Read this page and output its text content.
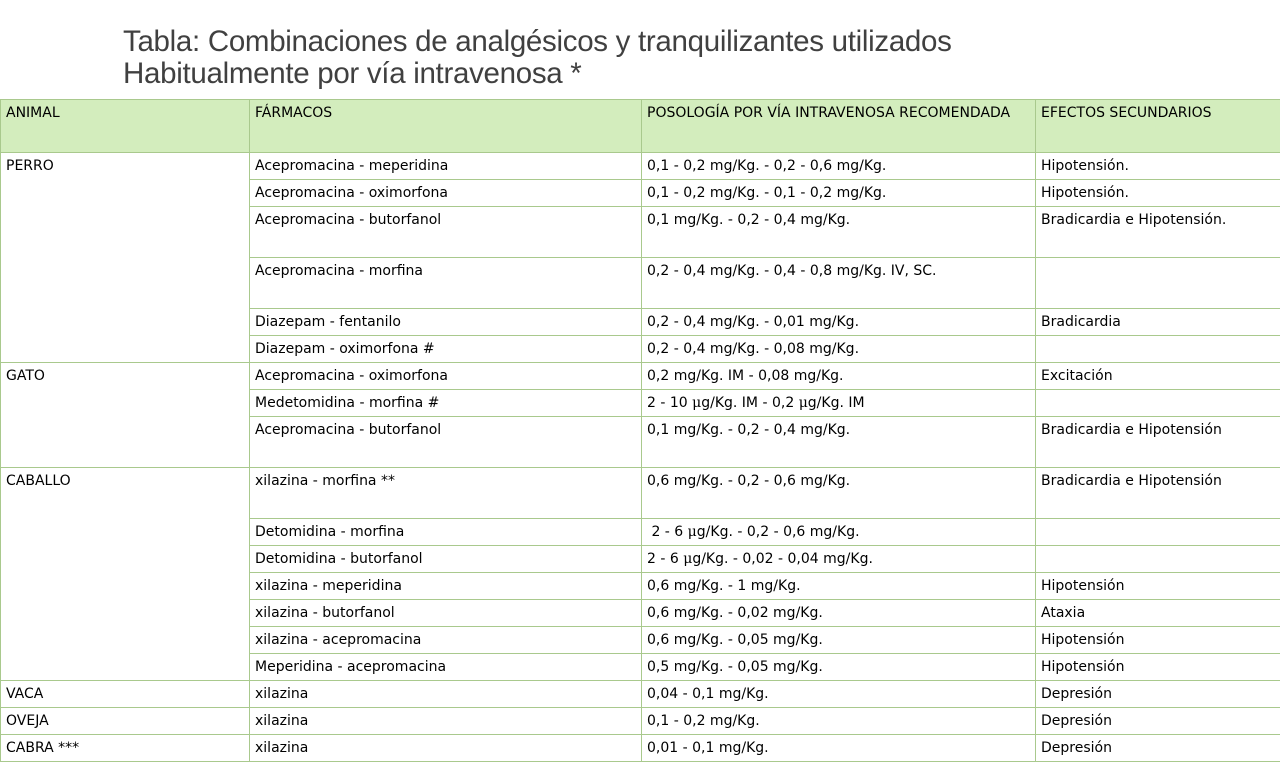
Tabla: Combinaciones de analgésicos y tranquilizantes utilizados
Habitualmente por vía intravenosa *
ANIMAL	FÁRMACOS	POSOLOGÍA POR VÍA INTRAVENOSA RECOMENDADA	EFECTOS SECUNDARIOS
PERRO	Acepromacina - meperidina	0,1 - 0,2 mg/Kg. - 0,2 - 0,6 mg/Kg.	Hipotensión.
	Acepromacina - oximorfona	0,1 - 0,2 mg/Kg. - 0,1 - 0,2 mg/Kg.	Hipotensión.
	Acepromacina - butorfanol	0,1 mg/Kg. - 0,2 - 0,4 mg/Kg.	Bradicardia e Hipotensión.
	Acepromacina - morfina	0,2 - 0,4 mg/Kg. - 0,4 - 0,8 mg/Kg. IV, SC.	
	Diazepam - fentanilo	0,2 - 0,4 mg/Kg. - 0,01 mg/Kg.	Bradicardia
	Diazepam - oximorfona #	0,2 - 0,4 mg/Kg. - 0,08 mg/Kg.	
GATO	Acepromacina - oximorfona	0,2 mg/Kg. IM - 0,08 mg/Kg.	Excitación
	Medetomidina - morfina #	2 - 10 μg/Kg. IM - 0,2 μg/Kg. IM	
	Acepromacina - butorfanol	0,1 mg/Kg. - 0,2 - 0,4 mg/Kg.	Bradicardia e Hipotensión
CABALLO	xilazina - morfina **	0,6 mg/Kg. - 0,2 - 0,6 mg/Kg.	Bradicardia e Hipotensión
	Detomidina - morfina	2 - 6 μg/Kg. - 0,2 - 0,6 mg/Kg.	
	Detomidina - butorfanol	2 - 6 μg/Kg. - 0,02 - 0,04 mg/Kg.	
	xilazina - meperidina	0,6 mg/Kg. - 1 mg/Kg.	Hipotensión
	xilazina - butorfanol	0,6 mg/Kg. - 0,02 mg/Kg.	Ataxia
	xilazina - acepromacina	0,6 mg/Kg. - 0,05 mg/Kg.	Hipotensión
	Meperidina - acepromacina	0,5 mg/Kg. - 0,05 mg/Kg.	Hipotensión
VACA	xilazina	0,04 - 0,1 mg/Kg.	Depresión
OVEJA	xilazina	0,1 - 0,2 mg/Kg.	Depresión
CABRA ***	xilazina	0,01 - 0,1 mg/Kg.	Depresión
